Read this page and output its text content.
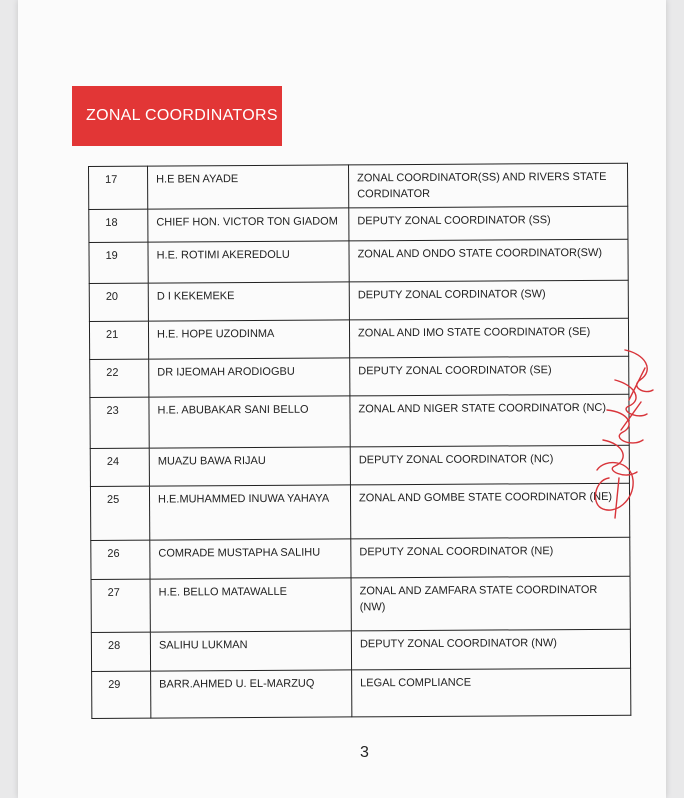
ZONAL COORDINATORS
17	H.E BEN AYADE	ZONAL COORDINATOR(SS) AND RIVERS STATE CORDINATOR
18	CHIEF HON. VICTOR TON GIADOM	DEPUTY ZONAL COORDINATOR (SS)
19	H.E. ROTIMI AKEREDOLU	ZONAL AND ONDO STATE COORDINATOR(SW)
20	D I KEKEMEKE	DEPUTY ZONAL CORDINATOR (SW)
21	H.E. HOPE UZODINMA	ZONAL AND IMO STATE COORDINATOR (SE)
22	DR IJEOMAH ARODIOGBU	DEPUTY ZONAL COORDINATOR (SE)
23	H.E. ABUBAKAR SANI BELLO	ZONAL AND NIGER STATE COORDINATOR (NC)
24	MUAZU BAWA RIJAU	DEPUTY ZONAL COORDINATOR (NC)
25	H.E.MUHAMMED INUWA YAHAYA	ZONAL AND GOMBE STATE COORDINATOR (NE)
26	COMRADE MUSTAPHA SALIHU	DEPUTY ZONAL COORDINATOR (NE)
27	H.E. BELLO MATAWALLE	ZONAL AND ZAMFARA STATE COORDINATOR (NW)
28	SALIHU LUKMAN	DEPUTY ZONAL COORDINATOR (NW)
29	BARR.AHMED U. EL-MARZUQ	LEGAL COMPLIANCE
3
